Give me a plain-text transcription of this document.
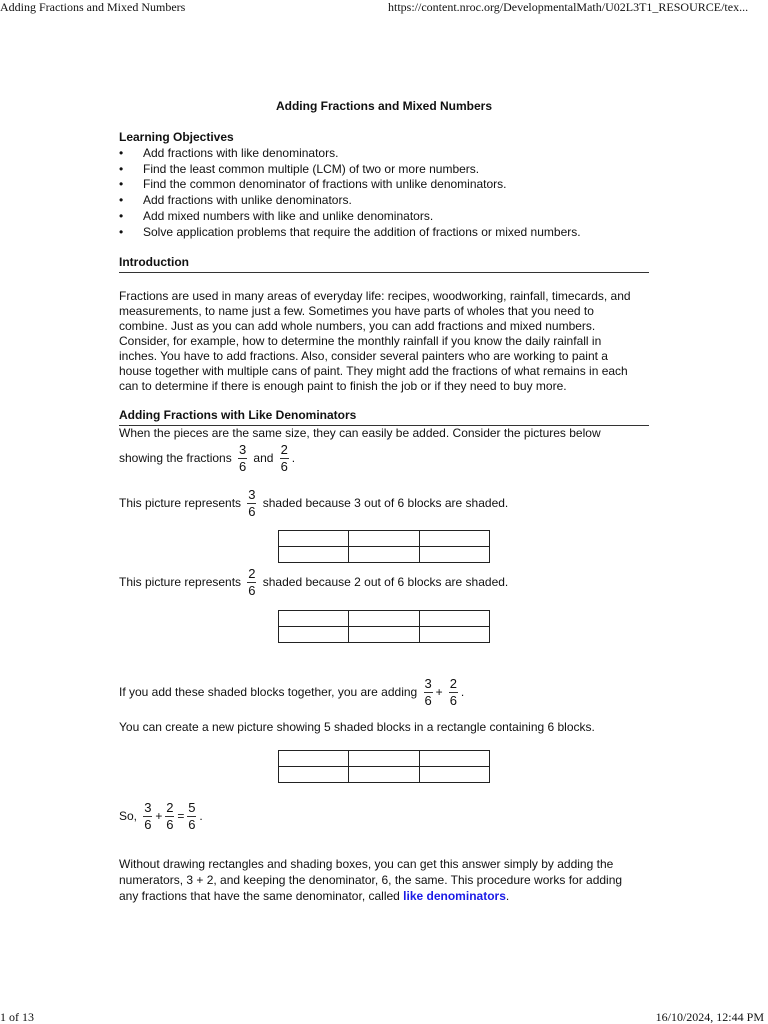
Adding Fractions and Mixed Numbers	https://content.nroc.org/DevelopmentalMath/U02L3T1_RESOURCE/tex...
Adding Fractions and Mixed Numbers
Learning Objectives
• Add fractions with like denominators.
• Find the least common multiple (LCM) of two or more numbers.
• Find the common denominator of fractions with unlike denominators.
• Add fractions with unlike denominators.
• Add mixed numbers with like and unlike denominators.
• Solve application problems that require the addition of fractions or mixed numbers.
Introduction
Fractions are used in many areas of everyday life: recipes, woodworking, rainfall, timecards, and
measurements, to name just a few. Sometimes you have parts of wholes that you need to
combine. Just as you can add whole numbers, you can add fractions and mixed numbers.
Consider, for example, how to determine the monthly rainfall if you know the daily rainfall in
inches. You have to add fractions. Also, consider several painters who are working to paint a
house together with multiple cans of paint. They might add the fractions of what remains in each
can to determine if there is enough paint to finish the job or if they need to buy more.
Adding Fractions with Like Denominators
When the pieces are the same size, they can easily be added. Consider the pictures below
showing the fractions $\frac{3}{6}$ and $\frac{2}{6}$ .
This picture represents $\frac{3}{6}$ shaded because 3 out of 6 blocks are shaded.

This picture represents $\frac{2}{6}$ shaded because 2 out of 6 blocks are shaded.

If you add these shaded blocks together, you are adding $\frac{3}{6} + \frac{2}{6}$ .
You can create a new picture showing 5 shaded blocks in a rectangle containing 6 blocks.

So, $\frac{3}{6} + \frac{2}{6} = \frac{5}{6}$ .
Without drawing rectangles and shading boxes, you can get this answer simply by adding the
numerators, 3 + 2, and keeping the denominator, 6, the same. This procedure works for adding
any fractions that have the same denominator, called like denominators.
1 of 13	16/10/2024, 12:44 PM
